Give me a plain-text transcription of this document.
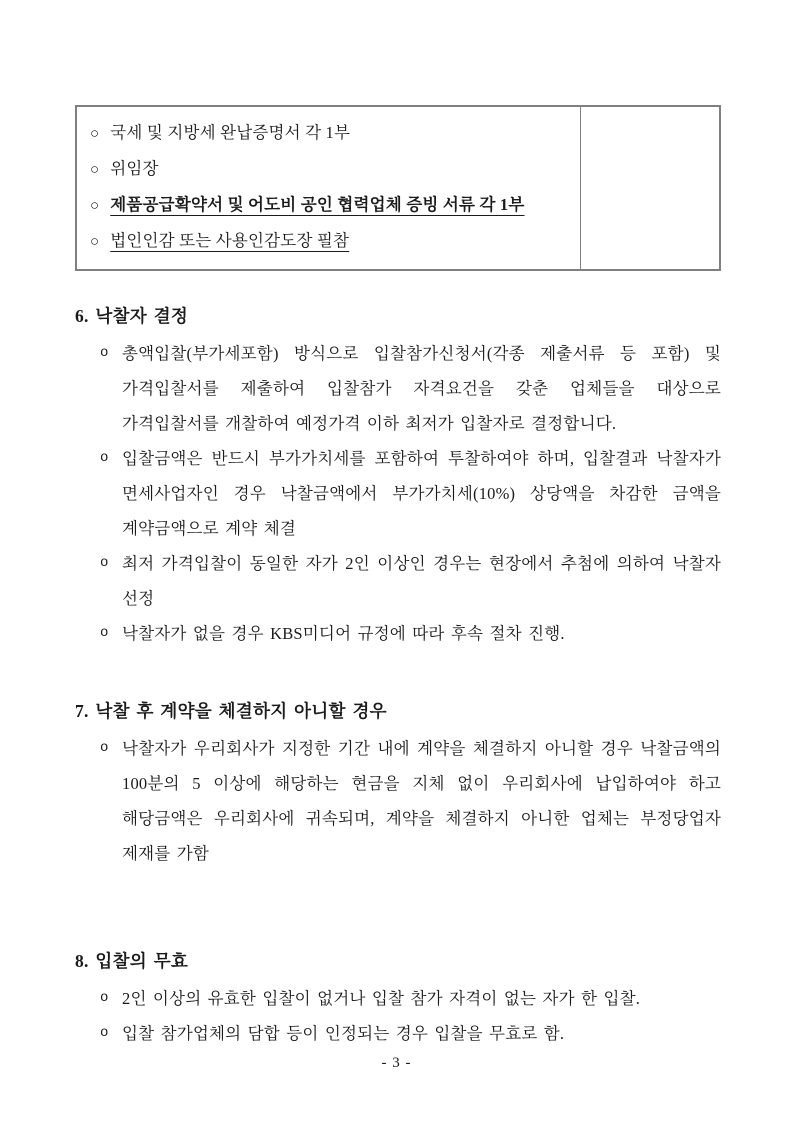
○ 국세 및 지방세 완납증명서 각 1부
○ 위임장
○ 제품공급확약서 및 어도비 공인 협력업체 증빙 서류 각 1부
○ 법인인감 또는 사용인감도장 필참
6. 낙찰자 결정
o 총액입찰(부가세포함) 방식으로 입찰참가신청서(각종 제출서류 등 포함) 및 가격입찰서를 제출하여 입찰참가 자격요건을 갖춘 업체들을 대상으로 가격입찰서를 개찰하여 예정가격 이하 최저가 입찰자로 결정합니다.
o 입찰금액은 반드시 부가가치세를 포함하여 투찰하여야 하며, 입찰결과 낙찰자가 면세사업자인 경우 낙찰금액에서 부가가치세(10%) 상당액을 차감한 금액을 계약금액으로 계약 체결
o 최저 가격입찰이 동일한 자가 2인 이상인 경우는 현장에서 추첨에 의하여 낙찰자 선정
o 낙찰자가 없을 경우 KBS미디어 규정에 따라 후속 절차 진행.
7. 낙찰 후 계약을 체결하지 아니할 경우
o 낙찰자가 우리회사가 지정한 기간 내에 계약을 체결하지 아니할 경우 낙찰금액의 100분의 5 이상에 해당하는 현금을 지체 없이 우리회사에 납입하여야 하고 해당금액은 우리회사에 귀속되며, 계약을 체결하지 아니한 업체는 부정당업자 제재를 가함
8. 입찰의 무효
o 2인 이상의 유효한 입찰이 없거나 입찰 참가 자격이 없는 자가 한 입찰.
o 입찰 참가업체의 담합 등이 인정되는 경우 입찰을 무효로 함.
- 3 -
